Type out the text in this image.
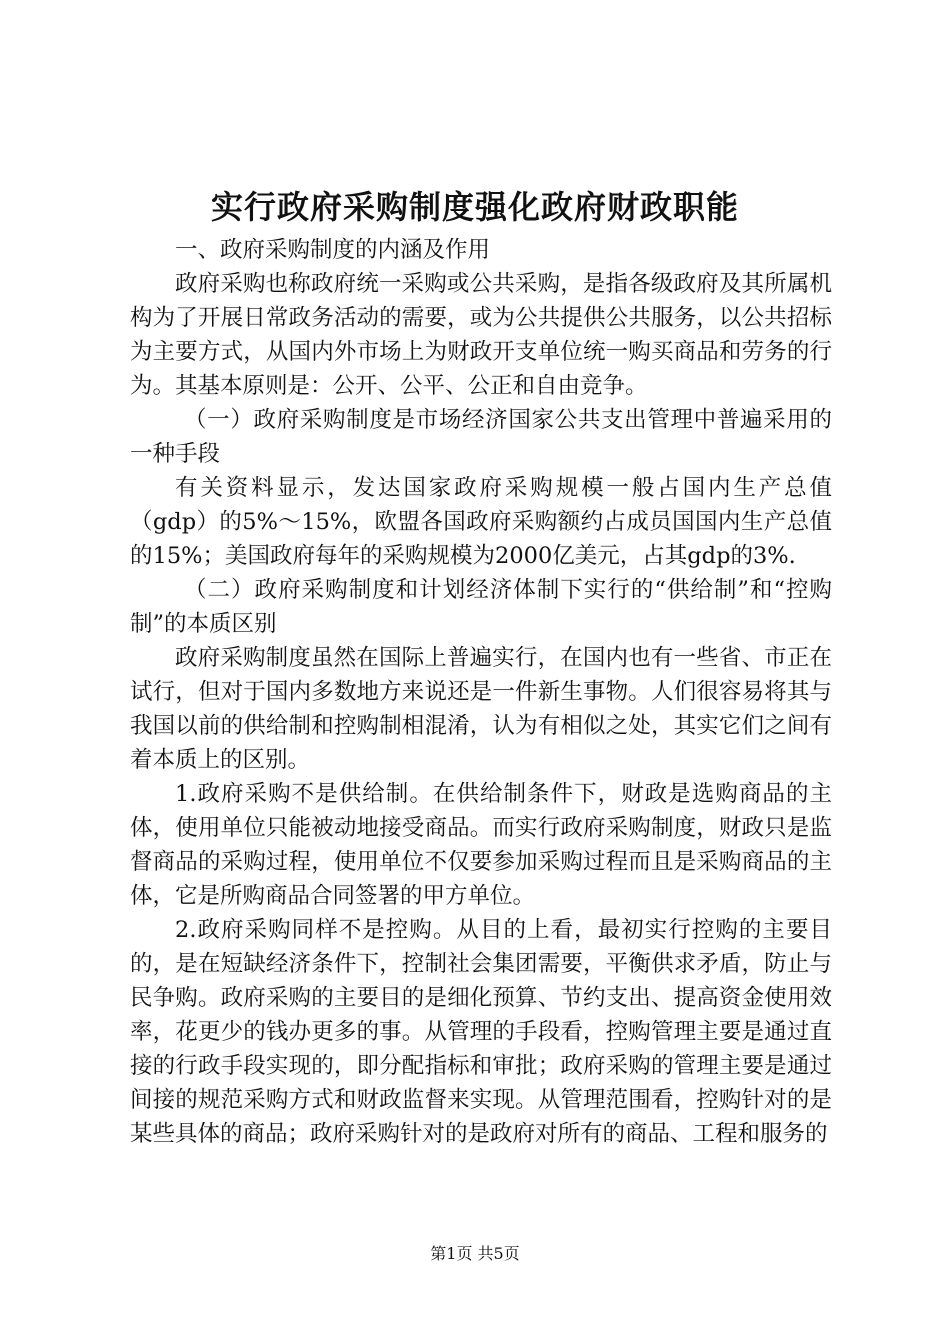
实行政府采购制度强化政府财政职能

一、政府采购制度的内涵及作用

政府采购也称政府统一采购或公共采购，是指各级政府及其所属机构为了开展日常政务活动的需要，或为公共提供公共服务，以公共招标为主要方式，从国内外市场上为财政开支单位统一购买商品和劳务的行为。其基本原则是：公开、公平、公正和自由竞争。

（一）政府采购制度是市场经济国家公共支出管理中普遍采用的一种手段

有关资料显示，发达国家政府采购规模一般占国内生产总值（gdp）的5%～15%，欧盟各国政府采购额约占成员国国内生产总值的15%；美国政府每年的采购规模为2000亿美元，占其gdp的3%.

（二）政府采购制度和计划经济体制下实行的“供给制”和“控购制”的本质区别

政府采购制度虽然在国际上普遍实行，在国内也有一些省、市正在试行，但对于国内多数地方来说还是一件新生事物。人们很容易将其与我国以前的供给制和控购制相混淆，认为有相似之处，其实它们之间有着本质上的区别。

1.政府采购不是供给制。在供给制条件下，财政是选购商品的主体，使用单位只能被动地接受商品。而实行政府采购制度，财政只是监督商品的采购过程，使用单位不仅要参加采购过程而且是采购商品的主体，它是所购商品合同签署的甲方单位。

2.政府采购同样不是控购。从目的上看，最初实行控购的主要目的，是在短缺经济条件下，控制社会集团需要，平衡供求矛盾，防止与民争购。政府采购的主要目的是细化预算、节约支出、提高资金使用效率，花更少的钱办更多的事。从管理的手段看，控购管理主要是通过直接的行政手段实现的，即分配指标和审批；政府采购的管理主要是通过间接的规范采购方式和财政监督来实现。从管理范围看，控购针对的是某些具体的商品；政府采购针对的是政府对所有的商品、工程和服务的

第1页 共5页
